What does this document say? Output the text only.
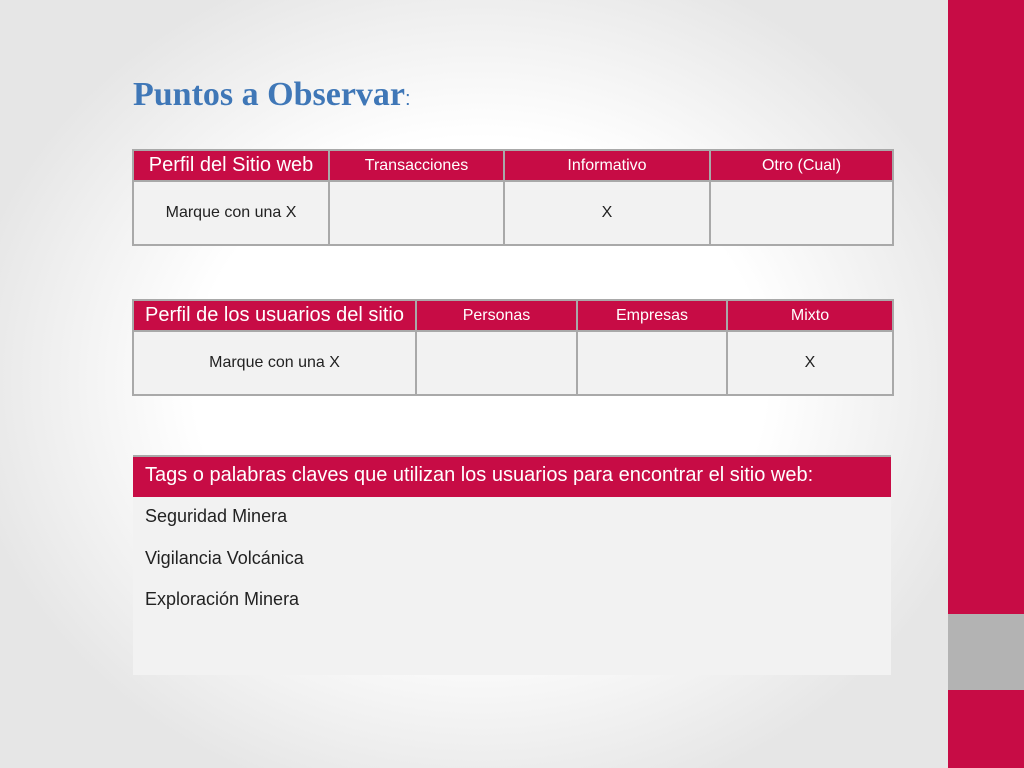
Puntos a Observar:
Perfil del Sitio web	Transacciones	Informativo	Otro (Cual)
Marque con una X		X	
Perfil de los usuarios del sitio	Personas	Empresas	Mixto
Marque con una X			X
Tags o palabras claves que utilizan los usuarios para encontrar el sitio web:
Seguridad Minera
Vigilancia Volcánica
Exploración Minera
